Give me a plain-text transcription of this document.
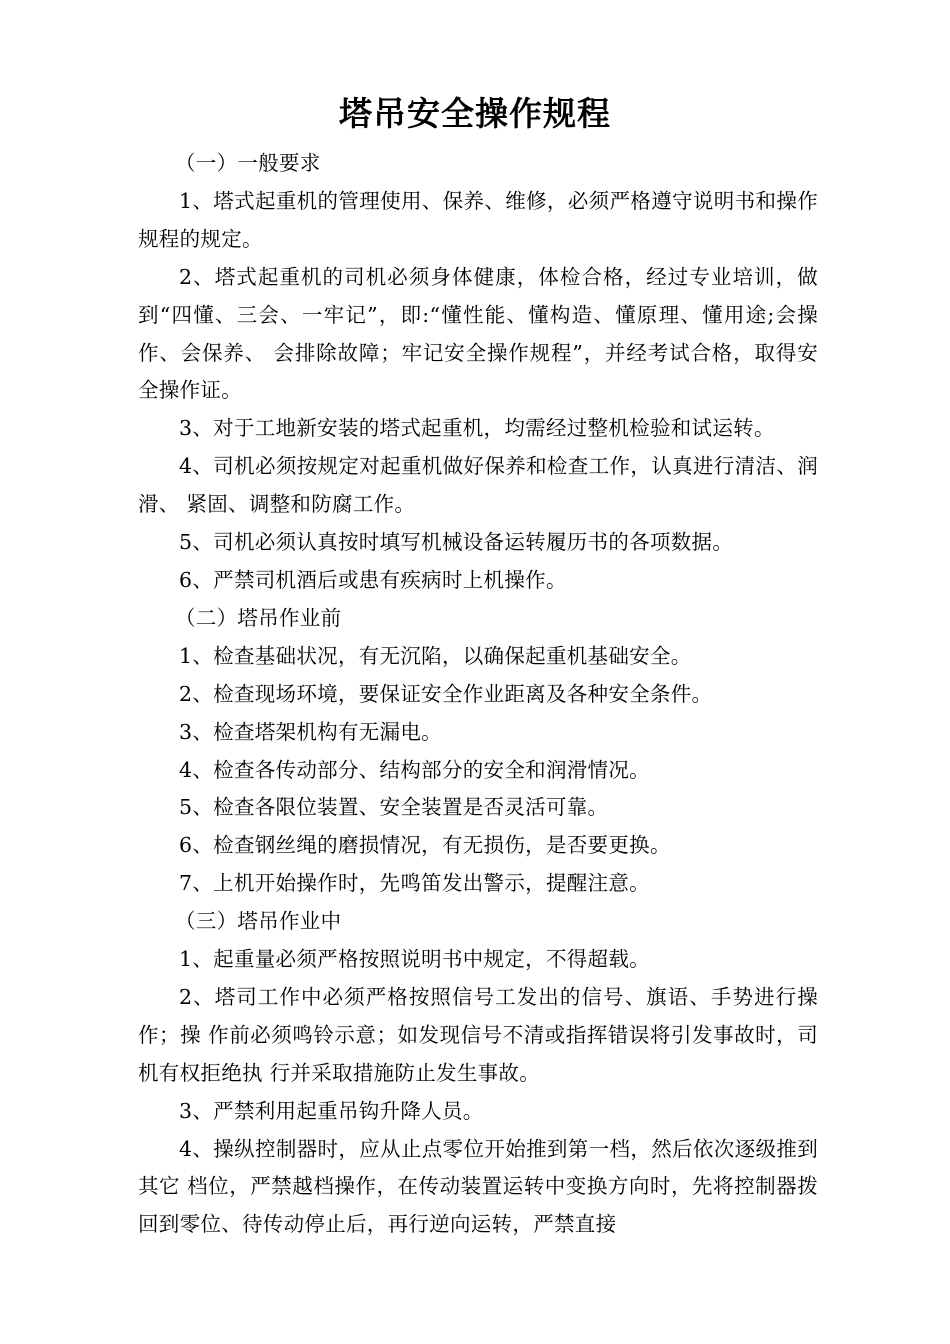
塔吊安全操作规程

（一）一般要求

1、塔式起重机的管理使用、保养、维修，必须严格遵守说明书和操作规程的规定。

2、塔式起重机的司机必须身体健康，体检合格，经过专业培训，做到“四懂、三会、一牢记”，即:“懂性能、懂构造、懂原理、懂用途;会操作、会保养、 会排除故障；牢记安全操作规程”，并经考试合格，取得安全操作证。

3、对于工地新安装的塔式起重机，均需经过整机检验和试运转。

4、司机必须按规定对起重机做好保养和检查工作，认真进行清洁、润滑、 紧固、调整和防腐工作。

5、司机必须认真按时填写机械设备运转履历书的各项数据。

6、严禁司机酒后或患有疾病时上机操作。

（二）塔吊作业前

1、检查基础状况，有无沉陷，以确保起重机基础安全。

2、检查现场环境，要保证安全作业距离及各种安全条件。

3、检查塔架机构有无漏电。

4、检查各传动部分、结构部分的安全和润滑情况。

5、检查各限位装置、安全装置是否灵活可靠。

6、检查钢丝绳的磨损情况，有无损伤，是否要更换。

7、上机开始操作时，先鸣笛发出警示，提醒注意。

（三）塔吊作业中

1、起重量必须严格按照说明书中规定，不得超载。

2、塔司工作中必须严格按照信号工发出的信号、旗语、手势进行操作；操 作前必须鸣铃示意；如发现信号不清或指挥错误将引发事故时，司机有权拒绝执 行并采取措施防止发生事故。

3、严禁利用起重吊钩升降人员。

4、操纵控制器时，应从止点零位开始推到第一档，然后依次逐级推到其它 档位，严禁越档操作，在传动装置运转中变换方向时，先将控制器拨回到零位、待传动停止后，再行逆向运转，严禁直接
